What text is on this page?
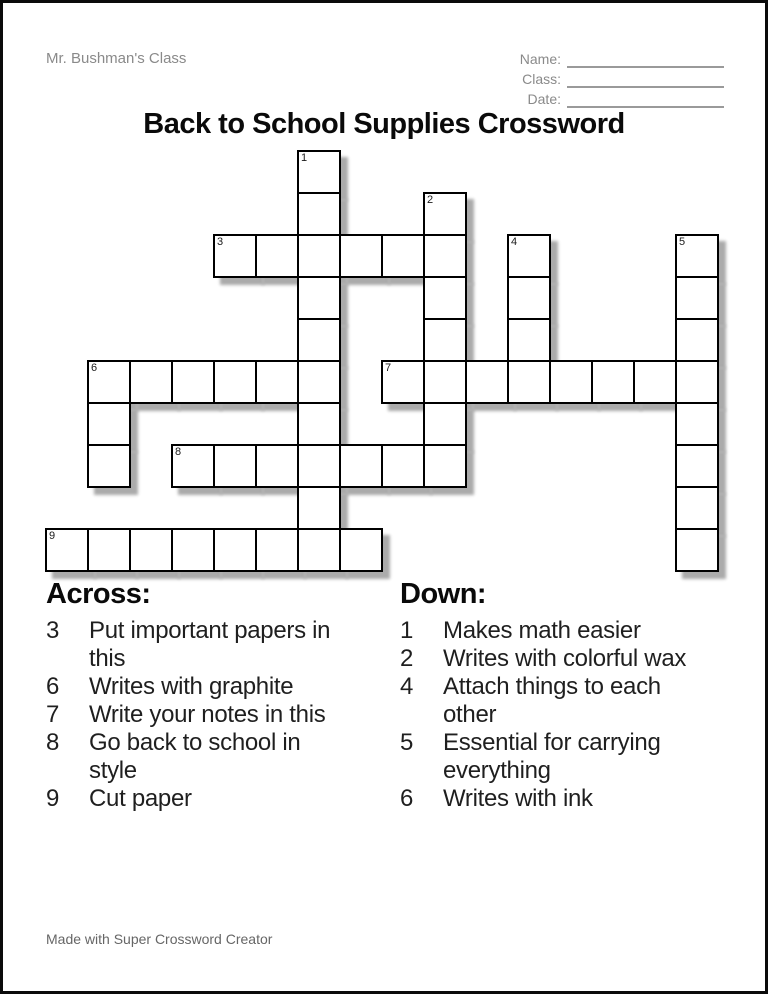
Mr. Bushman's Class	Name:
Class:
Date:
Back to School Supplies Crossword
1
2
3	4	5
6	7
8
9
Across:
3	Put important papers in this
6	Writes with graphite
7	Write your notes in this
8	Go back to school in style
9	Cut paper
Down:
1	Makes math easier
2	Writes with colorful wax
4	Attach things to each other
5	Essential for carrying everything
6	Writes with ink
Made with Super Crossword Creator
